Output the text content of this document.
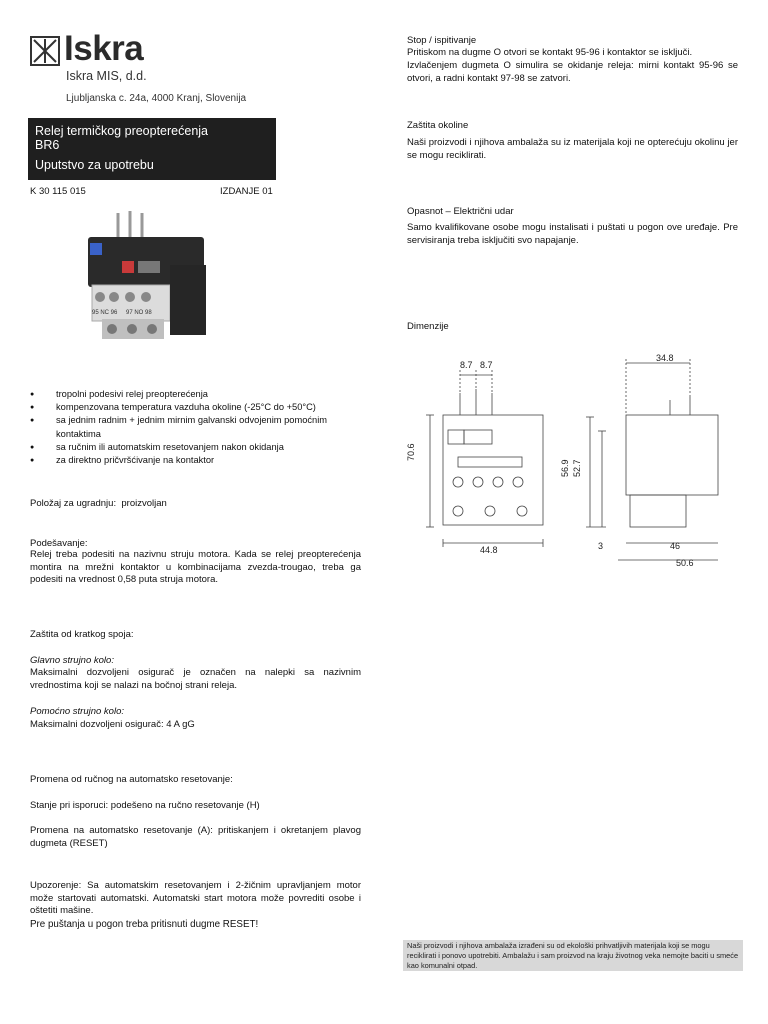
Iskra
Iskra MIS, d.d.
Ljubljanska c. 24a, 4000 Kranj, Slovenija
Relej termičkog preopterećenja
BR6
Uputstvo za upotrebu
K 30 115 015	IZDANJE 01
95 NC 96 97 NO 98
● tropolni podesivi relej preopterećenja
● kompenzovana temperatura vazduha okoline (-25°C do +50°C)
● sa jednim radnim + jednim mirnim galvanski odvojenim pomoćnim kontaktima
● sa ručnim ili automatskim resetovanjem nakon okidanja
● za direktno pričvršćivanje na kontaktor
Položaj za ugradnju: proizvoljan
Podešavanje:
Relej treba podesiti na nazivnu struju motora. Kada se relej preopterećenja montira na mrežni kontaktor u kombinacijama zvezda-trougao, treba ga podesiti na vrednost 0,58 puta struja motora.
Zaštita od kratkog spoja:
Glavno strujno kolo:
Maksimalni dozvoljeni osigurač je označen na nalepki sa nazivnim vrednostima koji se nalazi na bočnoj strani releja.
Pomoćno strujno kolo:
Maksimalni dozvoljeni osigurač: 4 A gG
Promena od ručnog na automatsko resetovanje:
Stanje pri isporuci: podešeno na ručno resetovanje (H)
Promena na automatsko resetovanje (A): pritiskanjem i okretanjem plavog dugmeta (RESET)
Upozorenje: Sa automatskim resetovanjem i 2-žičnim upravljanjem motor može startovati automatski. Automatski start motora može povrediti osobe i oštetiti mašine.
Pre puštanja u pogon treba pritisnuti dugme RESET!
Stop / ispitivanje
Pritiskom na dugme O otvori se kontakt 95-96 i kontaktor se isključi.
Izvlačenjem dugmeta O simulira se okidanje releja: mirni kontakt 95-96 se otvori, a radni kontakt 97-98 se zatvori.
Zaštita okoline
Naši proizvodi i njihova ambalaža su iz materijala koji ne opterećuju okolinu jer se mogu reciklirati.
Opasnot – Električni udar
Samo kvalifikovane osobe mogu instalisati i puštati u pogon ove uređaje. Pre servisiranja treba isključiti svo napajanje.
Dimenzije
8.7 8.7
70.6
44.8
34.8
56.9 52.7
3	46
50.6
Naši proizvodi i njihova ambalaža izrađeni su od ekološki prihvatljivih materijala koji se mogu reciklirati i ponovo upotrebiti. Ambalažu i sam proizvod na kraju životnog veka nemojte baciti u smeće kao komunalni otpad.
